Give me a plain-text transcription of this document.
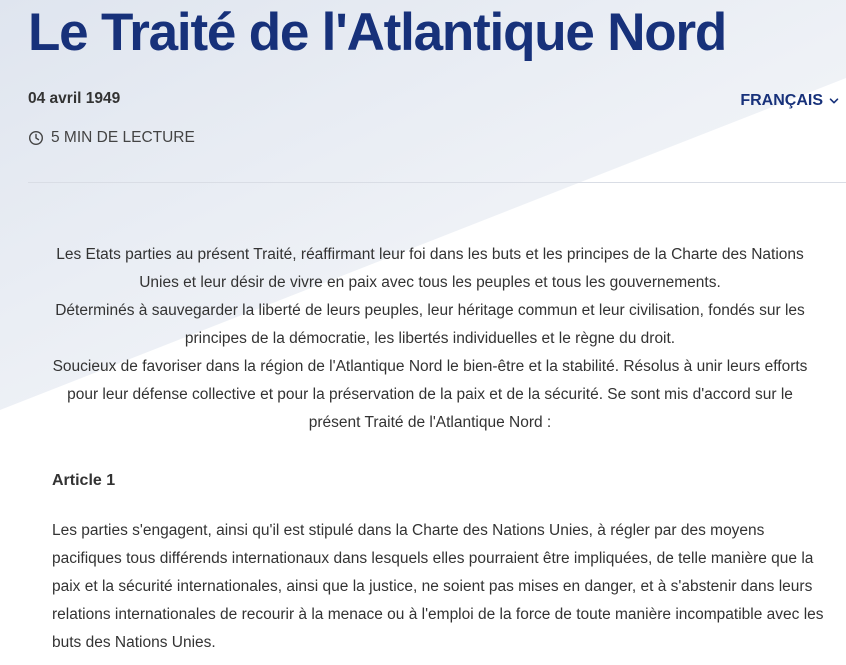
Le Traité de l'Atlantique Nord
04 avril 1949
5 MIN DE LECTURE
FRANÇAIS

Les Etats parties au présent Traité, réaffirmant leur foi dans les buts et les principes de la Charte des Nations Unies et leur désir de vivre en paix avec tous les peuples et tous les gouvernements.

Déterminés à sauvegarder la liberté de leurs peuples, leur héritage commun et leur civilisation, fondés sur les principes de la démocratie, les libertés individuelles et le règne du droit.

Soucieux de favoriser dans la région de l'Atlantique Nord le bien-être et la stabilité. Résolus à unir leurs efforts pour leur défense collective et pour la préservation de la paix et de la sécurité. Se sont mis d'accord sur le présent Traité de l'Atlantique Nord :

Article 1

Les parties s'engagent, ainsi qu'il est stipulé dans la Charte des Nations Unies, à régler par des moyens pacifiques tous différends internationaux dans lesquels elles pourraient être impliquées, de telle manière que la paix et la sécurité internationales, ainsi que la justice, ne soient pas mises en danger, et à s'abstenir dans leurs relations internationales de recourir à la menace ou à l'emploi de la force de toute manière incompatible avec les buts des Nations Unies.
